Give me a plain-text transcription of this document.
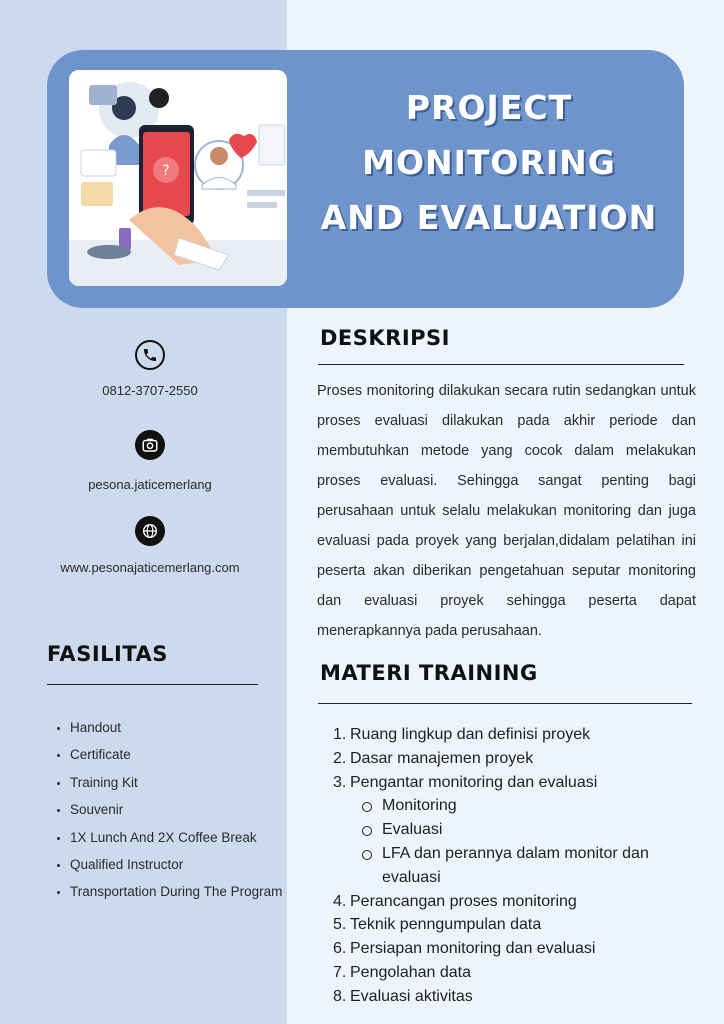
?
PROJECT
MONITORING
AND EVALUATION
0812-3707-2550
pesona.jaticemerlang
www.pesonajaticemerlang.com
DESKRIPSI
Proses monitoring dilakukan secara rutin sedangkan untuk proses evaluasi dilakukan pada akhir periode dan membutuhkan metode yang cocok dalam melakukan proses evaluasi. Sehingga sangat penting bagi perusahaan untuk selalu melakukan monitoring dan juga evaluasi pada proyek yang berjalan,didalam pelatihan ini peserta akan diberikan pengetahuan seputar monitoring dan evaluasi proyek sehingga peserta dapat menerapkannya pada perusahaan.
FASILITAS
• Handout
• Certificate
• Training Kit
• Souvenir
• 1X Lunch And 2X Coffee Break
• Qualified Instructor
• Transportation During The Program
MATERI TRAINING
1. Ruang lingkup dan definisi proyek
2. Dasar manajemen proyek
3. Pengantar monitoring dan evaluasi
Monitoring
Evaluasi
LFA dan perannya dalam monitor dan evaluasi
4. Perancangan proses monitoring
5. Teknik penngumpulan data
6. Persiapan monitoring dan evaluasi
7. Pengolahan data
8. Evaluasi aktivitas
